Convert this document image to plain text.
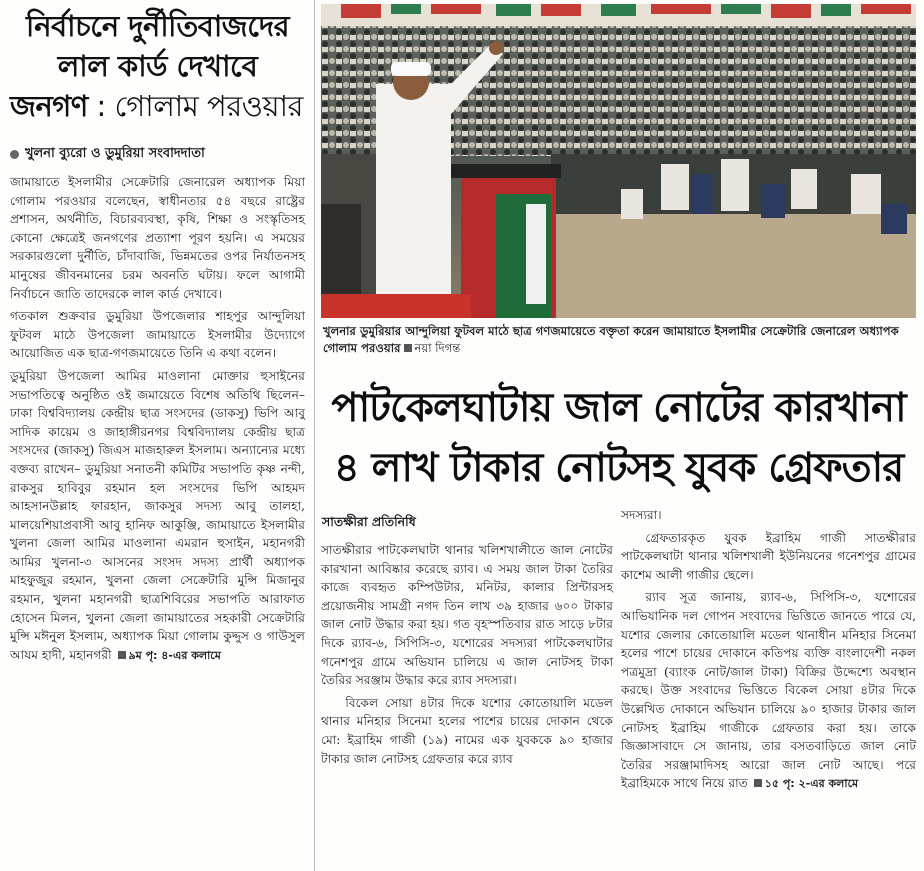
নির্বাচনে দুর্নীতিবাজদের
লাল কার্ড দেখাবে
জনগণ : গোলাম পরওয়ার
খুলনা ব্যুরো ও ডুমুরিয়া সংবাদদাতা

জামায়াতে ইসলামীর সেক্রেটারি জেনারেল অধ্যাপক মিয়া গোলাম পরওয়ার বলেছেন, স্বাধীনতার ৫৪ বছরে রাষ্ট্রের প্রশাসন, অর্থনীতি, বিচারব্যবস্থা, কৃষি, শিক্ষা ও সংস্কৃতিসহ কোনো ক্ষেত্রেই জনগণের প্রত্যাশা পূরণ হয়নি। এ সময়ের সরকারগুলো দুর্নীতি, চাঁদাবাজি, ভিন্নমতের ওপর নির্যাতনসহ মানুষের জীবনমানের চরম অবনতি ঘটায়। ফলে আগামী নির্বাচনে জাতি তাদেরকে লাল কার্ড দেখাবে।

গতকাল শুক্রবার ডুমুরিয়া উপজেলার শাহপুর আন্দুলিয়া ফুটবল মাঠে উপজেলা জামায়াতে ইসলামীর উদ্যোগে আয়োজিত এক ছাত্র-গণজমায়েতে তিনি এ কথা বলেন।

ডুমুরিয়া উপজেলা আমির মাওলানা মোক্তার হুসাইনের সভাপতিত্বে অনুষ্ঠিত ওই জমায়েতে বিশেষ অতিথি ছিলেন– ঢাকা বিশ্ববিদ্যালয় কেন্দ্রীয় ছাত্র সংসদের (ডাকসু) ভিপি আবু সাদিক কায়েম ও জাহাঙ্গীরনগর বিশ্ববিদ্যালয় কেন্দ্রীয় ছাত্র সংসদের (জাকসু) জিএস মাজহারুল ইসলাম। অন্যান্যের মধ্যে বক্তব্য রাখেন– ডুমুরিয়া সনাতনী কমিটির সভাপতি কৃষ্ণ নন্দী, রাকসুর হাবিবুর রহমান হল সংসদের ভিপি আহমদ আহসানউল্লাহ ফারহান, জাকসুর সদস্য আবু তালহা, মালয়েশিয়াপ্রবাসী আবু হানিফ আকুঞ্জি, জামায়াতে ইসলামীর খুলনা জেলা আমির মাওলানা এমরান হুসাইন, মহানগরী আমির খুলনা-৩ আসনের সংসদ সদস্য প্রার্থী অধ্যাপক মাহফুজুর রহমান, খুলনা জেলা সেক্রেটারি মুন্সি মিজানুর রহমান, খুলনা মহানগরী ছাত্রশিবিরের সভাপতি আরাফাত হোসেন মিলন, খুলনা জেলা জামায়াতের সহকারী সেক্রেটারি মুন্সি মঈনুল ইসলাম, অধ্যাপক মিয়া গোলাম কুদ্দুস ও গাউসুল আযম হাদী, মহানগরী ৯ম পৃ: ৪-এর কলামে

খুলনার ডুমুরিয়ার আন্দুলিয়া ফুটবল মাঠে ছাত্র গণজমায়েতে বক্তৃতা করেন জামায়াতে ইসলামীর সেক্রেটারি জেনারেল অধ্যাপক গোলাম পরওয়ার নয়া দিগন্ত
পাটকেলঘাটায় জাল নোটের কারখানা
৪ লাখ টাকার নোটসহ যুবক গ্রেফতার
সাতক্ষীরা প্রতিনিধি

সাতক্ষীরার পাটকেলঘাটা থানার খলিশখালীতে জাল নোটের কারখানা আবিষ্কার করেছে র‌্যাব। এ সময় জাল টাকা তৈরির কাজে ব্যবহৃত কম্পিউটার, মনিটর, কালার প্রিন্টারসহ প্রয়োজনীয় সামগ্রী নগদ তিন লাখ ৩৯ হাজার ৬০০ টাকার জাল নোট উদ্ধার করা হয়। গত বৃহস্পতিবার রাত সাড়ে ৮টার দিকে র‌্যাব-৬, সিপিসি-৩, যশোরের সদস্যরা পাটকেলঘাটার গনেশপুর গ্রামে অভিযান চালিয়ে এ জাল নোটসহ টাকা তৈরির সরঞ্জাম উদ্ধার করে র‌্যাব সদস্যরা।

বিকেল সোয়া ৪টার দিকে যশোর কোতোয়ালি মডেল থানার মনিহার সিনেমা হলের পাশের চায়ের দোকান থেকে মো: ইব্রাহিম গাজী (১৯) নামের এক যুবককে ৯০ হাজার টাকার জাল নোটসহ গ্রেফতার করে র‌্যাব

সদস্যরা।

গ্রেফতারকৃত যুবক ইব্রাহিম গাজী সাতক্ষীরার পাটকেলঘাটা থানার খলিশখালী ইউনিয়নের গনেশপুর গ্রামের কাশেম আলী গাজীর ছেলে।

র‌্যাব সূত্র জানায়, র‌্যাব-৬, সিপিসি-৩, যশোরের আভিযানিক দল গোপন সংবাদের ভিত্তিতে জানতে পারে যে, যশোর জেলার কোতোয়ালি মডেল থানাধীন মনিহার সিনেমা হলের পাশে চায়ের দোকানে কতিপয় ব্যক্তি বাংলাদেশী নকল পত্রমুদ্রা (ব্যাংক নোট/জাল টাকা) বিক্রির উদ্দেশ্যে অবস্থান করছে। উক্ত সংবাদের ভিত্তিতে বিকেল সোয়া ৪টার দিকে উল্লেখিত দোকানে অভিযান চালিয়ে ৯০ হাজার টাকার জাল নোটসহ ইব্রাহিম গাজীকে গ্রেফতার করা হয়। তাকে জিজ্ঞাসাবাদে সে জানায়, তার বসতবাড়িতে জাল নোট তৈরির সরঞ্জামাদিসহ আরো জাল নোট আছে। পরে ইব্রাহিমকে সাথে নিয়ে রাত ১৫ পৃ: ২-এর কলামে
